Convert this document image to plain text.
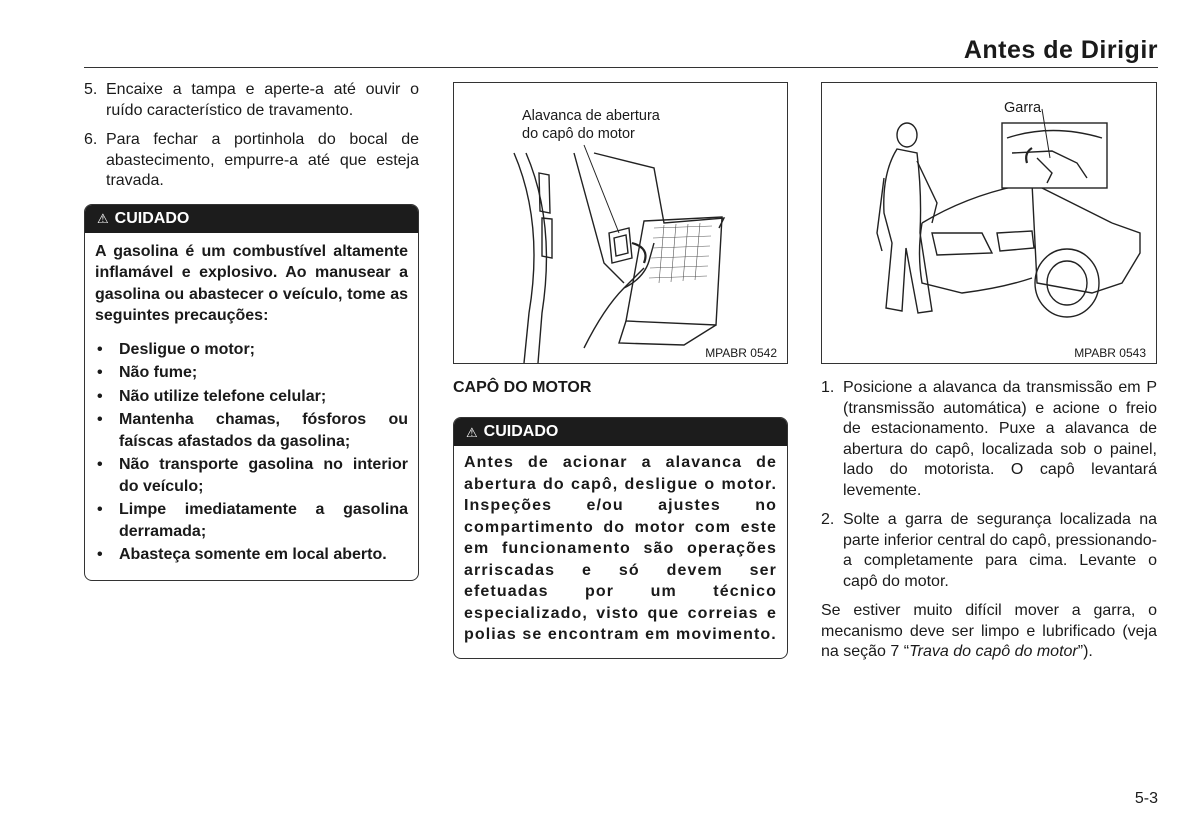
Antes de Dirigir
5. Encaixe a tampa e aperte-a até ouvir o ruído característico de travamento.
6. Para fechar a portinhola do bocal de abastecimento, empurre-a até que esteja travada.
⚠ CUIDADO

A gasolina é um combustível altamente inflamável e explosivo. Ao manusear a gasolina ou abastecer o veículo, tome as seguintes precauções:

•	Desligue o motor;
•	Não fume;
•	Não utilize telefone celular;
•	Mantenha chamas, fósforos ou faíscas afastados da gasolina;
•	Não transporte gasolina no interior do veículo;
•	Limpe imediatamente a gasolina derramada;
•	Abasteça somente em local aberto.
Alavanca de abertura
do capô do motor
MPABR 0542
CAPÔ DO MOTOR
⚠ CUIDADO

Antes de acionar a alavanca de abertura do capô, desligue o motor. Inspeções e/ou ajustes no compartimento do motor com este em funcionamento são operações arriscadas e só devem ser efetuadas por um técnico especializado, visto que correias e polias se encontram em movimento.

Garra
MPABR 0543
1. Posicione a alavanca da transmissão em P (transmissão automática) e acione o freio de estacionamento. Puxe a alavanca de abertura do capô, localizada sob o painel, lado do motorista. O capô levantará levemente.
2. Solte a garra de segurança localizada na parte inferior central do capô, pressionando-a completamente para cima. Levante o capô do motor.

Se estiver muito difícil mover a garra, o mecanismo deve ser limpo e lubrificado (veja na seção 7 “Trava do capô do motor”).

5-3
